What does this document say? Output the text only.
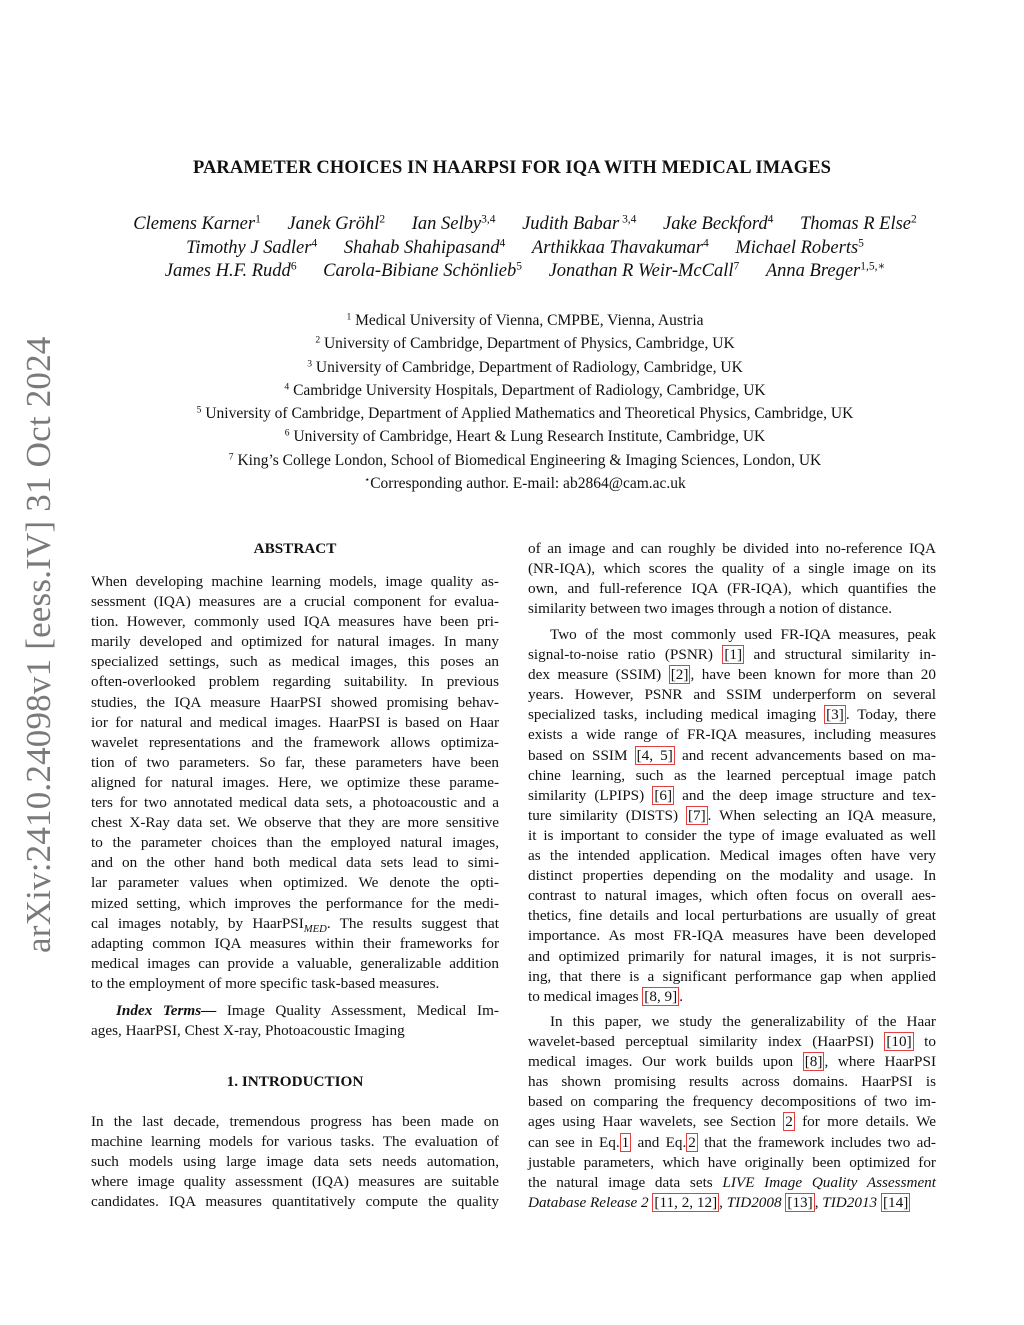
arXiv:2410.24098v1 [eess.IV] 31 Oct 2024
PARAMETER CHOICES IN HAARPSI FOR IQA WITH MEDICAL IMAGES
Clemens Karner$^1$ Janek Gröhl$^2$ Ian Selby$^{3,4}$ Judith Babar $^{3,4}$ Jake Beckford$^4$ Thomas R Else$^2$
Timothy J Sadler$^4$ Shahab Shahipasand$^4$ Arthikkaa Thavakumar$^4$ Michael Roberts$^5$
James H.F. Rudd$^6$ Carola-Bibiane Schönlieb$^5$ Jonathan R Weir-McCall$^7$ Anna Breger$^{1,5,∗}$
$^1$ Medical University of Vienna, CMPBE, Vienna, Austria
$^2$ University of Cambridge, Department of Physics, Cambridge, UK
$^3$ University of Cambridge, Department of Radiology, Cambridge, UK
$^4$ Cambridge University Hospitals, Department of Radiology, Cambridge, UK
$^5$ University of Cambridge, Department of Applied Mathematics and Theoretical Physics, Cambridge, UK
$^6$ University of Cambridge, Heart & Lung Research Institute, Cambridge, UK
$^7$ King’s College London, School of Biomedical Engineering & Imaging Sciences, London, UK
⋆Corresponding author. E-mail: ab2864@cam.ac.uk
ABSTRACT
When developing machine learning models, image quality as-
sessment (IQA) measures are a crucial component for evalua-
tion. However, commonly used IQA measures have been pri-
marily developed and optimized for natural images. In many
specialized settings, such as medical images, this poses an
often-overlooked problem regarding suitability. In previous
studies, the IQA measure HaarPSI showed promising behav-
ior for natural and medical images. HaarPSI is based on Haar
wavelet representations and the framework allows optimiza-
tion of two parameters. So far, these parameters have been
aligned for natural images. Here, we optimize these parame-
ters for two annotated medical data sets, a photoacoustic and a
chest X-Ray data set. We observe that they are more sensitive
to the parameter choices than the employed natural images,
and on the other hand both medical data sets lead to simi-
lar parameter values when optimized. We denote the opti-
mized setting, which improves the performance for the medi-
cal images notably, by HaarPSI$_{MED}$. The results suggest that
adapting common IQA measures within their frameworks for
medical images can provide a valuable, generalizable addition
to the employment of more specific task-based measures.
Index Terms— Image Quality Assessment, Medical Im-
ages, HaarPSI, Chest X-ray, Photoacoustic Imaging
1. INTRODUCTION
In the last decade, tremendous progress has been made on
machine learning models for various tasks. The evaluation of
such models using large image data sets needs automation,
where image quality assessment (IQA) measures are suitable
candidates. IQA measures quantitatively compute the quality
of an image and can roughly be divided into no-reference IQA
(NR-IQA), which scores the quality of a single image on its
own, and full-reference IQA (FR-IQA), which quantifies the
similarity between two images through a notion of distance.
Two of the most commonly used FR-IQA measures, peak
signal-to-noise ratio (PSNR) [1] and structural similarity in-
dex measure (SSIM) [2] , have been known for more than 20
years. However, PSNR and SSIM underperform on several
specialized tasks, including medical imaging [3] . Today, there
exists a wide range of FR-IQA measures, including measures
based on SSIM [4, 5] and recent advancements based on ma-
chine learning, such as the learned perceptual image patch
similarity (LPIPS) [6] and the deep image structure and tex-
ture similarity (DISTS) [7] . When selecting an IQA measure,
it is important to consider the type of image evaluated as well
as the intended application. Medical images often have very
distinct properties depending on the modality and usage. In
contrast to natural images, which often focus on overall aes-
thetics, fine details and local perturbations are usually of great
importance. As most FR-IQA measures have been developed
and optimized primarily for natural images, it is not surpris-
ing, that there is a significant performance gap when applied
to medical images [8, 9] .
In this paper, we study the generalizability of the Haar
wavelet-based perceptual similarity index (HaarPSI) [10] to
medical images. Our work builds upon [8] , where HaarPSI
has shown promising results across domains. HaarPSI is
based on comparing the frequency decompositions of two im-
ages using Haar wavelets, see Section 2 for more details. We
can see in Eq. 1 and Eq. 2 that the framework includes two ad-
justable parameters, which have originally been optimized for
the natural image data sets LIVE Image Quality Assessment
Database Release 2 [11, 2, 12] , TID2008 [13] , TID2013 [14]
